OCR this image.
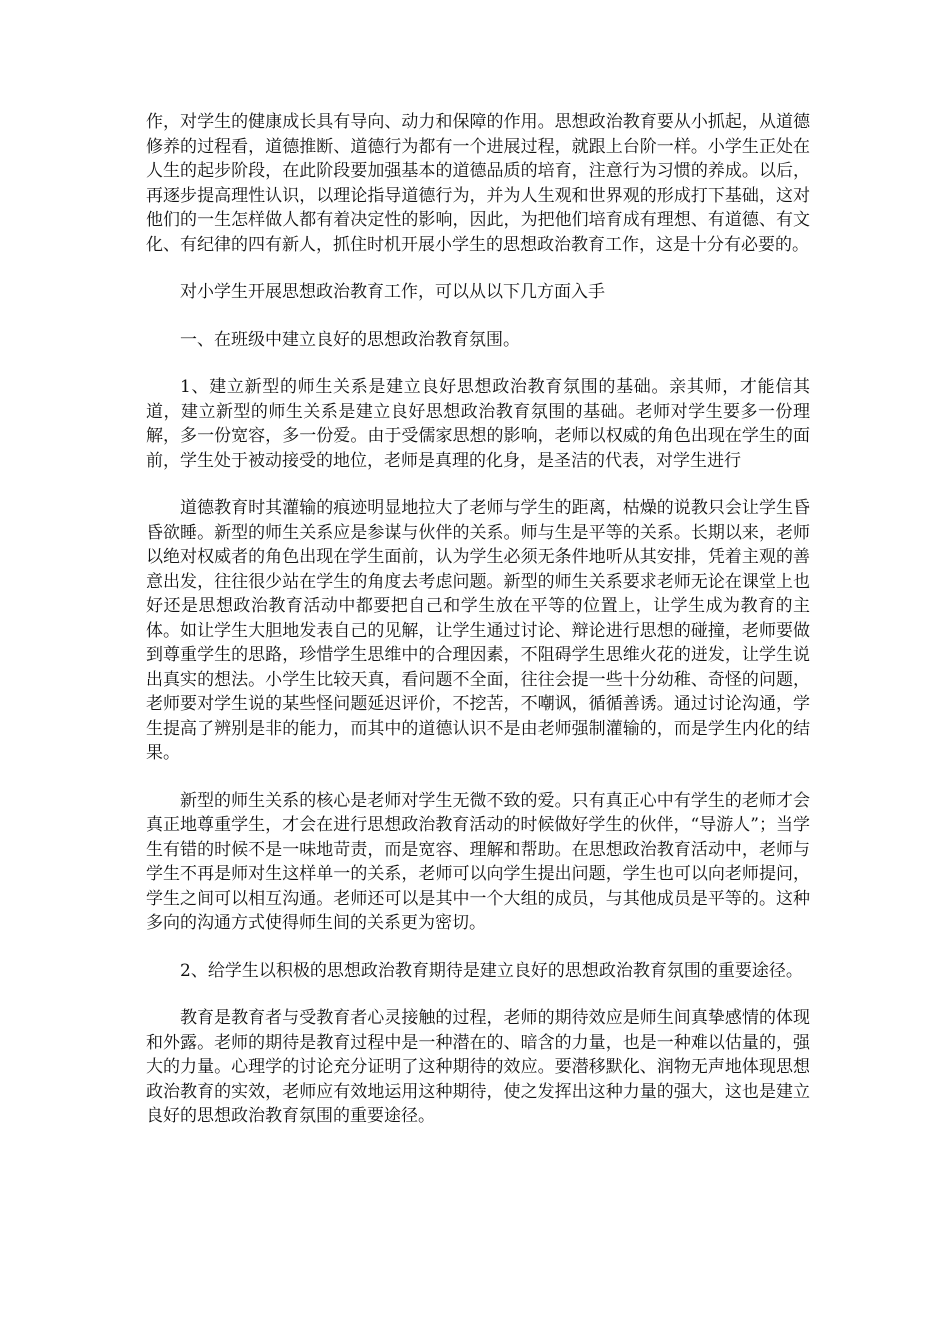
作，对学生的健康成长具有导向、动力和保障的作用。思想政治教育要从小抓起，从道德修养的过程看，道德推断、道德行为都有一个进展过程，就跟上台阶一样。小学生正处在人生的起步阶段，在此阶段要加强基本的道德品质的培育，注意行为习惯的养成。以后，再逐步提高理性认识，以理论指导道德行为，并为人生观和世界观的形成打下基础，这对他们的一生怎样做人都有着决定性的影响，因此，为把他们培育成有理想、有道德、有文化、有纪律的四有新人，抓住时机开展小学生的思想政治教育工作，这是十分有必要的。

对小学生开展思想政治教育工作，可以从以下几方面入手

一、在班级中建立良好的思想政治教育氛围。

1、建立新型的师生关系是建立良好思想政治教育氛围的基础。亲其师，才能信其道，建立新型的师生关系是建立良好思想政治教育氛围的基础。老师对学生要多一份理解，多一份宽容，多一份爱。由于受儒家思想的影响，老师以权威的角色出现在学生的面前，学生处于被动接受的地位，老师是真理的化身，是圣洁的代表，对学生进行

道德教育时其灌输的痕迹明显地拉大了老师与学生的距离，枯燥的说教只会让学生昏昏欲睡。新型的师生关系应是参谋与伙伴的关系。师与生是平等的关系。长期以来，老师以绝对权威者的角色出现在学生面前，认为学生必须无条件地听从其安排，凭着主观的善意出发，往往很少站在学生的角度去考虑问题。新型的师生关系要求老师无论在课堂上也好还是思想政治教育活动中都要把自己和学生放在平等的位置上，让学生成为教育的主体。如让学生大胆地发表自己的见解，让学生通过讨论、辩论进行思想的碰撞，老师要做到尊重学生的思路，珍惜学生思维中的合理因素，不阻碍学生思维火花的迸发，让学生说出真实的想法。小学生比较天真，看问题不全面，往往会提一些十分幼稚、奇怪的问题，老师要对学生说的某些怪问题延迟评价，不挖苦，不嘲讽，循循善诱。通过讨论沟通，学生提高了辨别是非的能力，而其中的道德认识不是由老师强制灌输的，而是学生内化的结果。

新型的师生关系的核心是老师对学生无微不致的爱。只有真正心中有学生的老师才会真正地尊重学生，才会在进行思想政治教育活动的时候做好学生的伙伴，“导游人”；当学生有错的时候不是一味地苛责，而是宽容、理解和帮助。在思想政治教育活动中，老师与学生不再是师对生这样单一的关系，老师可以向学生提出问题，学生也可以向老师提问，学生之间可以相互沟通。老师还可以是其中一个大组的成员，与其他成员是平等的。这种多向的沟通方式使得师生间的关系更为密切。

2、给学生以积极的思想政治教育期待是建立良好的思想政治教育氛围的重要途径。

教育是教育者与受教育者心灵接触的过程，老师的期待效应是师生间真挚感情的体现和外露。老师的期待是教育过程中是一种潜在的、暗含的力量，也是一种难以估量的，强大的力量。心理学的讨论充分证明了这种期待的效应。要潜移默化、润物无声地体现思想政治教育的实效，老师应有效地运用这种期待，使之发挥出这种力量的强大，这也是建立良好的思想政治教育氛围的重要途径。
